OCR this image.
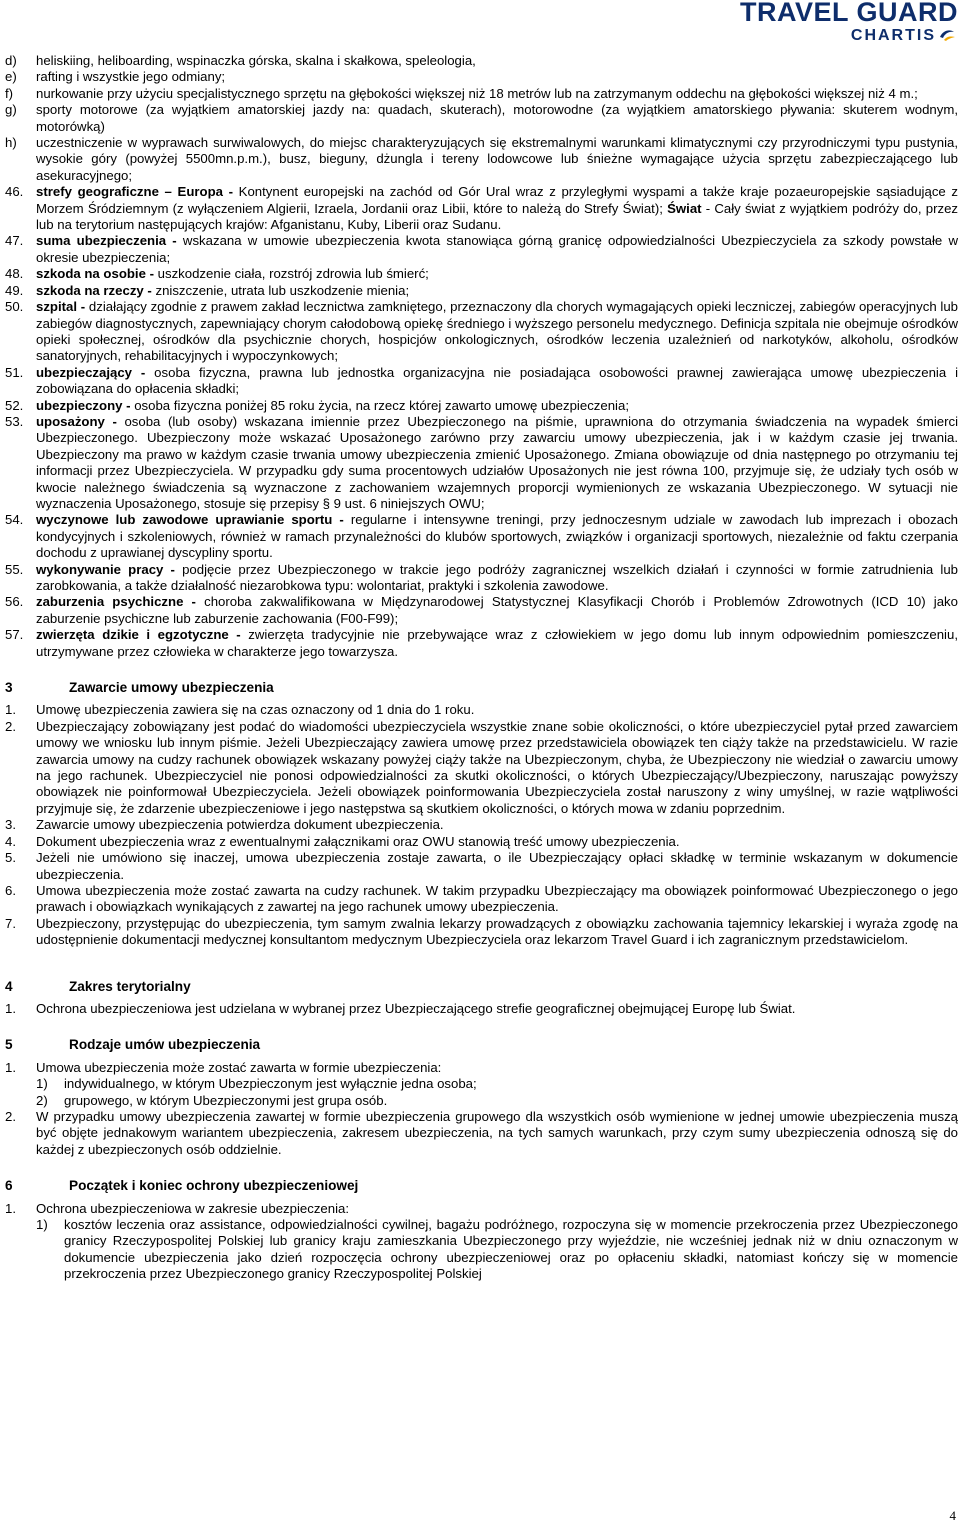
TRAVEL GUARD
CHARTIS
d)	heliskiing, heliboarding, wspinaczka górska, skalna i skałkowa, speleologia,
e)	rafting i wszystkie jego odmiany;
f)	nurkowanie przy użyciu specjalistycznego sprzętu na głębokości większej niż 18 metrów lub na zatrzymanym oddechu na głębokości większej niż 4 m.;
g)	sporty motorowe (za wyjątkiem amatorskiej jazdy na: quadach, skuterach), motorowodne (za wyjątkiem amatorskiego pływania: skuterem wodnym, motorówką)
h)	uczestniczenie w wyprawach surwiwalowych, do miejsc charakteryzujących się ekstremalnymi warunkami klimatycznymi czy przyrodniczymi typu pustynia, wysokie góry (powyżej 5500mn.p.m.), busz, bieguny, dżungla i tereny lodowcowe lub śnieżne wymagające użycia sprzętu zabezpieczającego lub asekuracyjnego;
46. strefy geograficzne – Europa - Kontynent europejski na zachód od Gór Ural wraz z przyległymi wyspami a także kraje pozaeuropejskie sąsiadujące z Morzem Śródziemnym (z wyłączeniem Algierii, Izraela, Jordanii oraz Libii, które to należą do Strefy Świat); Świat - Cały świat z wyjątkiem podróży do, przez lub na terytorium następujących krajów: Afganistanu, Kuby, Liberii oraz Sudanu.
47. suma ubezpieczenia - wskazana w umowie ubezpieczenia kwota stanowiąca górną granicę odpowiedzialności Ubezpieczyciela za szkody powstałe w okresie ubezpieczenia;
48. szkoda na osobie - uszkodzenie ciała, rozstrój zdrowia lub śmierć;
49. szkoda na rzeczy - zniszczenie, utrata lub uszkodzenie mienia;
50. szpital - działający zgodnie z prawem zakład lecznictwa zamkniętego, przeznaczony dla chorych wymagających opieki leczniczej, zabiegów operacyjnych lub zabiegów diagnostycznych, zapewniający chorym całodobową opiekę średniego i wyższego personelu medycznego. Definicja szpitala nie obejmuje ośrodków opieki społecznej, ośrodków dla psychicznie chorych, hospicjów onkologicznych, ośrodków leczenia uzależnień od narkotyków, alkoholu, ośrodków sanatoryjnych, rehabilitacyjnych i wypoczynkowych;
51. ubezpieczający - osoba fizyczna, prawna lub jednostka organizacyjna nie posiadająca osobowości prawnej zawierająca umowę ubezpieczenia i zobowiązana do opłacenia składki;
52. ubezpieczony - osoba fizyczna poniżej 85 roku życia, na rzecz której zawarto umowę ubezpieczenia;
53. uposażony - osoba (lub osoby) wskazana imiennie przez Ubezpieczonego na piśmie, uprawniona do otrzymania świadczenia na wypadek śmierci Ubezpieczonego. Ubezpieczony może wskazać Uposażonego zarówno przy zawarciu umowy ubezpieczenia, jak i w każdym czasie jej trwania. Ubezpieczony ma prawo w każdym czasie trwania umowy ubezpieczenia zmienić Uposażonego. Zmiana obowiązuje od dnia następnego po otrzymaniu tej informacji przez Ubezpieczyciela. W przypadku gdy suma procentowych udziałów Uposażonych nie jest równa 100, przyjmuje się, że udziały tych osób w kwocie należnego świadczenia są wyznaczone z zachowaniem wzajemnych proporcji wymienionych ze wskazania Ubezpieczonego. W sytuacji nie wyznaczenia Uposażonego, stosuje się przepisy § 9 ust. 6 niniejszych OWU;
54. wyczynowe lub zawodowe uprawianie sportu - regularne i intensywne treningi, przy jednoczesnym udziale w zawodach lub imprezach i obozach kondycyjnych i szkoleniowych, również w ramach przynależności do klubów sportowych, związków i organizacji sportowych, niezależnie od faktu czerpania dochodu z uprawianej dyscypliny sportu.
55. wykonywanie pracy - podjęcie przez Ubezpieczonego w trakcie jego podróży zagranicznej wszelkich działań i czynności w formie zatrudnienia lub zarobkowania, a także działalność niezarobkowa typu: wolontariat, praktyki i szkolenia zawodowe.
56. zaburzenia psychiczne - choroba zakwalifikowana w Międzynarodowej Statystycznej Klasyfikacji Chorób i Problemów Zdrowotnych (ICD 10) jako zaburzenie psychiczne lub zaburzenie zachowania (F00-F99);
57. zwierzęta dzikie i egzotyczne - zwierzęta tradycyjnie nie przebywające wraz z człowiekiem w jego domu lub innym odpowiednim pomieszczeniu, utrzymywane przez człowieka w charakterze jego towarzysza.
3	Zawarcie umowy ubezpieczenia
1.	Umowę ubezpieczenia zawiera się na czas oznaczony od 1 dnia do 1 roku.
2.	Ubezpieczający zobowiązany jest podać do wiadomości ubezpieczyciela wszystkie znane sobie okoliczności, o które ubezpieczyciel pytał przed zawarciem umowy we wniosku lub innym piśmie. Jeżeli Ubezpieczający zawiera umowę przez przedstawiciela obowiązek ten ciąży także na przedstawicielu. W razie zawarcia umowy na cudzy rachunek obowiązek wskazany powyżej ciąży także na Ubezpieczonym, chyba, że Ubezpieczony nie wiedział o zawarciu umowy na jego rachunek. Ubezpieczyciel nie ponosi odpowiedzialności za skutki okoliczności, o których Ubezpieczający/Ubezpieczony, naruszając powyższy obowiązek nie poinformował Ubezpieczyciela. Jeżeli obowiązek poinformowania Ubezpieczyciela został naruszony z winy umyślnej, w razie wątpliwości przyjmuje się, że zdarzenie ubezpieczeniowe i jego następstwa są skutkiem okoliczności, o których mowa w zdaniu poprzednim.
3.	Zawarcie umowy ubezpieczenia potwierdza dokument ubezpieczenia.
4.	Dokument ubezpieczenia wraz z ewentualnymi załącznikami oraz OWU stanowią treść umowy ubezpieczenia.
5.	Jeżeli nie umówiono się inaczej, umowa ubezpieczenia zostaje zawarta, o ile Ubezpieczający opłaci składkę w terminie wskazanym w dokumencie ubezpieczenia.
6.	Umowa ubezpieczenia może zostać zawarta na cudzy rachunek. W takim przypadku Ubezpieczający ma obowiązek poinformować Ubezpieczonego o jego prawach i obowiązkach wynikających z zawartej na jego rachunek umowy ubezpieczenia.
7.	Ubezpieczony, przystępując do ubezpieczenia, tym samym zwalnia lekarzy prowadzących z obowiązku zachowania tajemnicy lekarskiej i wyraża zgodę na udostępnienie dokumentacji medycznej konsultantom medycznym Ubezpieczyciela oraz lekarzom Travel Guard i ich zagranicznym przedstawicielom.
4	Zakres terytorialny
1.	Ochrona ubezpieczeniowa jest udzielana w wybranej przez Ubezpieczającego strefie geograficznej obejmującej Europę lub Świat.
5	Rodzaje umów ubezpieczenia
1.	Umowa ubezpieczenia może zostać zawarta w formie ubezpieczenia:
1)	indywidualnego, w którym Ubezpieczonym jest wyłącznie jedna osoba;
2)	grupowego, w którym Ubezpieczonymi jest grupa osób.
2.	W przypadku umowy ubezpieczenia zawartej w formie ubezpieczenia grupowego dla wszystkich osób wymienione w jednej umowie ubezpieczenia muszą być objęte jednakowym wariantem ubezpieczenia, zakresem ubezpieczenia, na tych samych warunkach, przy czym sumy ubezpieczenia odnoszą się do każdej z ubezpieczonych osób oddzielnie.
6	Początek i koniec ochrony ubezpieczeniowej
1.	Ochrona ubezpieczeniowa w zakresie ubezpieczenia:
1)	kosztów leczenia oraz assistance, odpowiedzialności cywilnej, bagażu podróżnego, rozpoczyna się w momencie przekroczenia przez Ubezpieczonego granicy Rzeczypospolitej Polskiej lub granicy kraju zamieszkania Ubezpieczonego przy wyjeździe, nie wcześniej jednak niż w dniu oznaczonym w dokumencie ubezpieczenia jako dzień rozpoczęcia ochrony ubezpieczeniowej oraz po opłaceniu składki, natomiast kończy się w momencie przekroczenia przez Ubezpieczonego granicy Rzeczypospolitej Polskiej
4
